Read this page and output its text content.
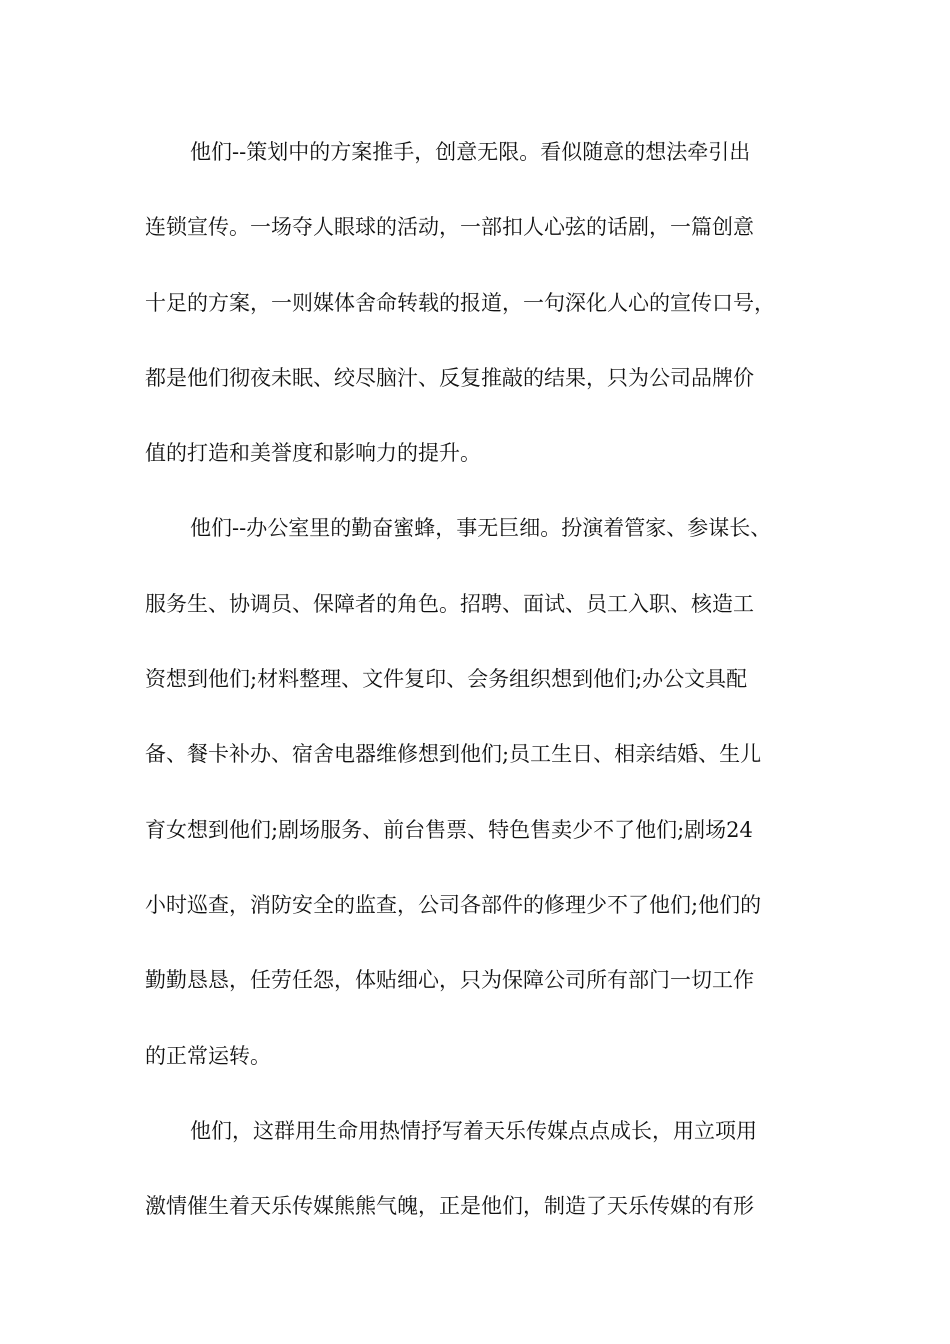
他们--策划中的方案推手，创意无限。看似随意的想法牵引出
连锁宣传。一场夺人眼球的活动，一部扣人心弦的话剧，一篇创意
十足的方案，一则媒体舍命转载的报道，一句深化人心的宣传口号，
都是他们彻夜未眠、绞尽脑汁、反复推敲的结果，只为公司品牌价
值的打造和美誉度和影响力的提升。
他们--办公室里的勤奋蜜蜂，事无巨细。扮演着管家、参谋长、
服务生、协调员、保障者的角色。招聘、面试、员工入职、核造工
资想到他们;材料整理、文件复印、会务组织想到他们;办公文具配
备、餐卡补办、宿舍电器维修想到他们;员工生日、相亲结婚、生儿
育女想到他们;剧场服务、前台售票、特色售卖少不了他们;剧场24
小时巡查，消防安全的监查，公司各部件的修理少不了他们;他们的
勤勤恳恳，任劳任怨，体贴细心，只为保障公司所有部门一切工作
的正常运转。
他们，这群用生命用热情抒写着天乐传媒点点成长，用立项用
激情催生着天乐传媒熊熊气魄，正是他们，制造了天乐传媒的有形
